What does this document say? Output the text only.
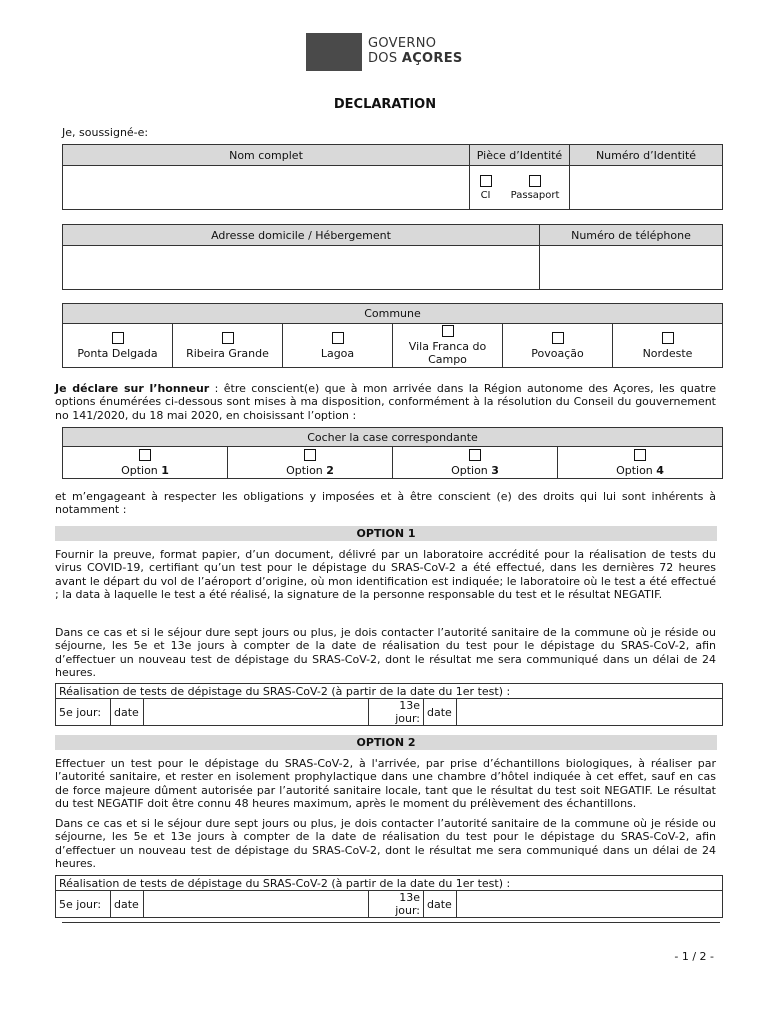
GOVERNO
DOS AÇORES
DECLARATION
Je, soussigné-e:
Nom complet	Pièce d’Identité	Numéro d’Identité

	CI Passaport	

Adresse domicile / Hébergement	Numéro de téléphone

Commune

Ponta Delgada	Ribeira Grande	Lagoa	Vila Franca do Campo	Povoação	Nordeste
Je déclare sur l’honneur : être conscient(e) que à mon arrivée dans la Région autonome des Açores, les quatre options énumérées ci-dessous sont mises à ma disposition, conformément à la résolution du Conseil du gouvernement no 141/2020, du 18 mai 2020, en choisissant l’option :
Cocher la case correspondante

Option 1	Option 2	Option 3	Option 4
et m’engageant à respecter les obligations y imposées et à être conscient (e) des droits qui lui sont inhérents à notamment :
OPTION 1
Fournir la preuve, format papier, d’un document, délivré par un laboratoire accrédité pour la réalisation de tests du virus COVID-19, certifiant qu’un test pour le dépistage du SRAS-CoV-2 a été effectué, dans les dernières 72 heures avant le départ du vol de l’aéroport d’origine, où mon identification est indiquée; le laboratoire où le test a été effectué ; la data à laquelle le test a été réalisé, la signature de la personne responsable du test et le résultat NEGATIF.
Dans ce cas et si le séjour dure sept jours ou plus, je dois contacter l’autorité sanitaire de la commune où je réside ou séjourne, les 5e et 13e jours à compter de la date de réalisation du test pour le dépistage du SRAS-CoV-2, afin d’effectuer un nouveau test de dépistage du SRAS-CoV-2, dont le résultat me sera communiqué dans un délai de 24 heures.
Réalisation de tests de dépistage du SRAS-CoV-2 (à partir de la date du 1er test) :
5e jour:	date		13e jour:	date	
OPTION 2
Effectuer un test pour le dépistage du SRAS-CoV-2, à l'arrivée, par prise d’échantillons biologiques, à réaliser par l’autorité sanitaire, et rester en isolement prophylactique dans une chambre d’hôtel indiquée à cet effet, sauf en cas de force majeure dûment autorisée par l’autorité sanitaire locale, tant que le résultat du test soit NEGATIF. Le résultat du test NEGATIF doit être connu 48 heures maximum, après le moment du prélèvement des échantillons.
Dans ce cas et si le séjour dure sept jours ou plus, je dois contacter l’autorité sanitaire de la commune où je réside ou séjourne, les 5e et 13e jours à compter de la date de réalisation du test pour le dépistage du SRAS-CoV-2, afin d’effectuer un nouveau test de dépistage du SRAS-CoV-2, dont le résultat me sera communiqué dans un délai de 24 heures.
Réalisation de tests de dépistage du SRAS-CoV-2 (à partir de la date du 1er test) :
5e jour:	date		13e jour:	date	
- 1 / 2 -
